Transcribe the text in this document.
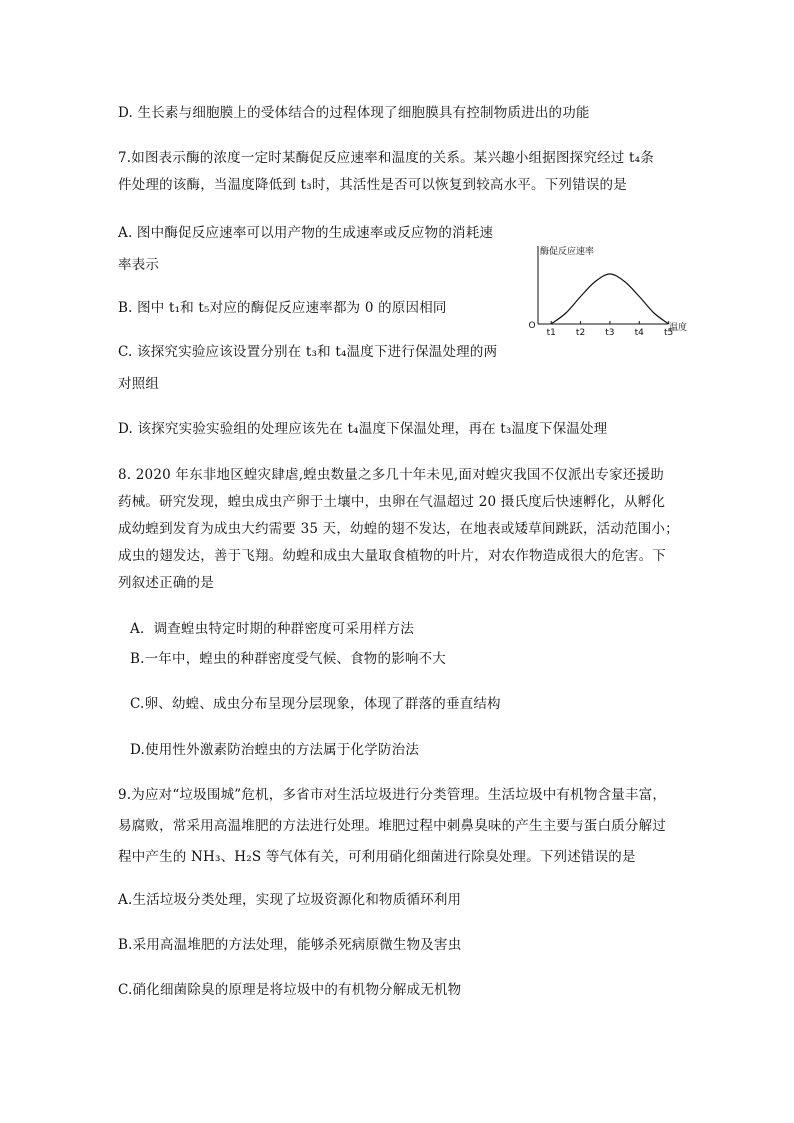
D. 生长素与细胞膜上的受体结合的过程体现了细胞膜具有控制物质进出的功能
7.如图表示酶的浓度一定时某酶促反应速率和温度的关系。某兴趣小组据图探究经过 t₄条
件处理的该酶，当温度降低到 t₃时，其活性是否可以恢复到较高水平。下列错误的是
A. 图中酶促反应速率可以用产物的生成速率或反应物的消耗速
率表示
B. 图中 t₁和 t₅对应的酶促反应速率都为 0 的原因相同
C. 该探究实验应该设置分别在 t₃和 t₄温度下进行保温处理的两
对照组
D. 该探究实验实验组的处理应该先在 t₄温度下保温处理，再在 t₃温度下保温处理
8. 2020 年东非地区蝗灾肆虐,蝗虫数量之多几十年未见,面对蝗灾我国不仅派出专家还援助
药械。研究发现，蝗虫成虫产卵于土壤中，虫卵在气温超过 20 摄氏度后快速孵化，从孵化
成幼蝗到发育为成虫大约需要 35 天，幼蝗的翅不发达，在地表或矮草间跳跃，活动范围小；
成虫的翅发达，善于飞翔。幼蝗和成虫大量取食植物的叶片，对农作物造成很大的危害。下
列叙述正确的是
A．调查蝗虫特定时期的种群密度可采用样方法
B.一年中，蝗虫的种群密度受气候、食物的影响不大
C.卵、幼蝗、成虫分布呈现分层现象，体现了群落的垂直结构
D.使用性外激素防治蝗虫的方法属于化学防治法
9.为应对“垃圾围城”危机，多省市对生活垃圾进行分类管理。生活垃圾中有机物含量丰富，
易腐败，常采用高温堆肥的方法进行处理。堆肥过程中刺鼻臭味的产生主要与蛋白质分解过
程中产生的 NH₃、H₂S 等气体有关，可利用硝化细菌进行除臭处理。下列述错误的是
A.生活垃圾分类处理，实现了垃圾资源化和物质循环利用
B.采用高温堆肥的方法处理，能够杀死病原微生物及害虫
C.硝化细菌除臭的原理是将垃圾中的有机物分解成无机物
酶促反应速率
O	温度
t1 t2 t3 t4 t5
